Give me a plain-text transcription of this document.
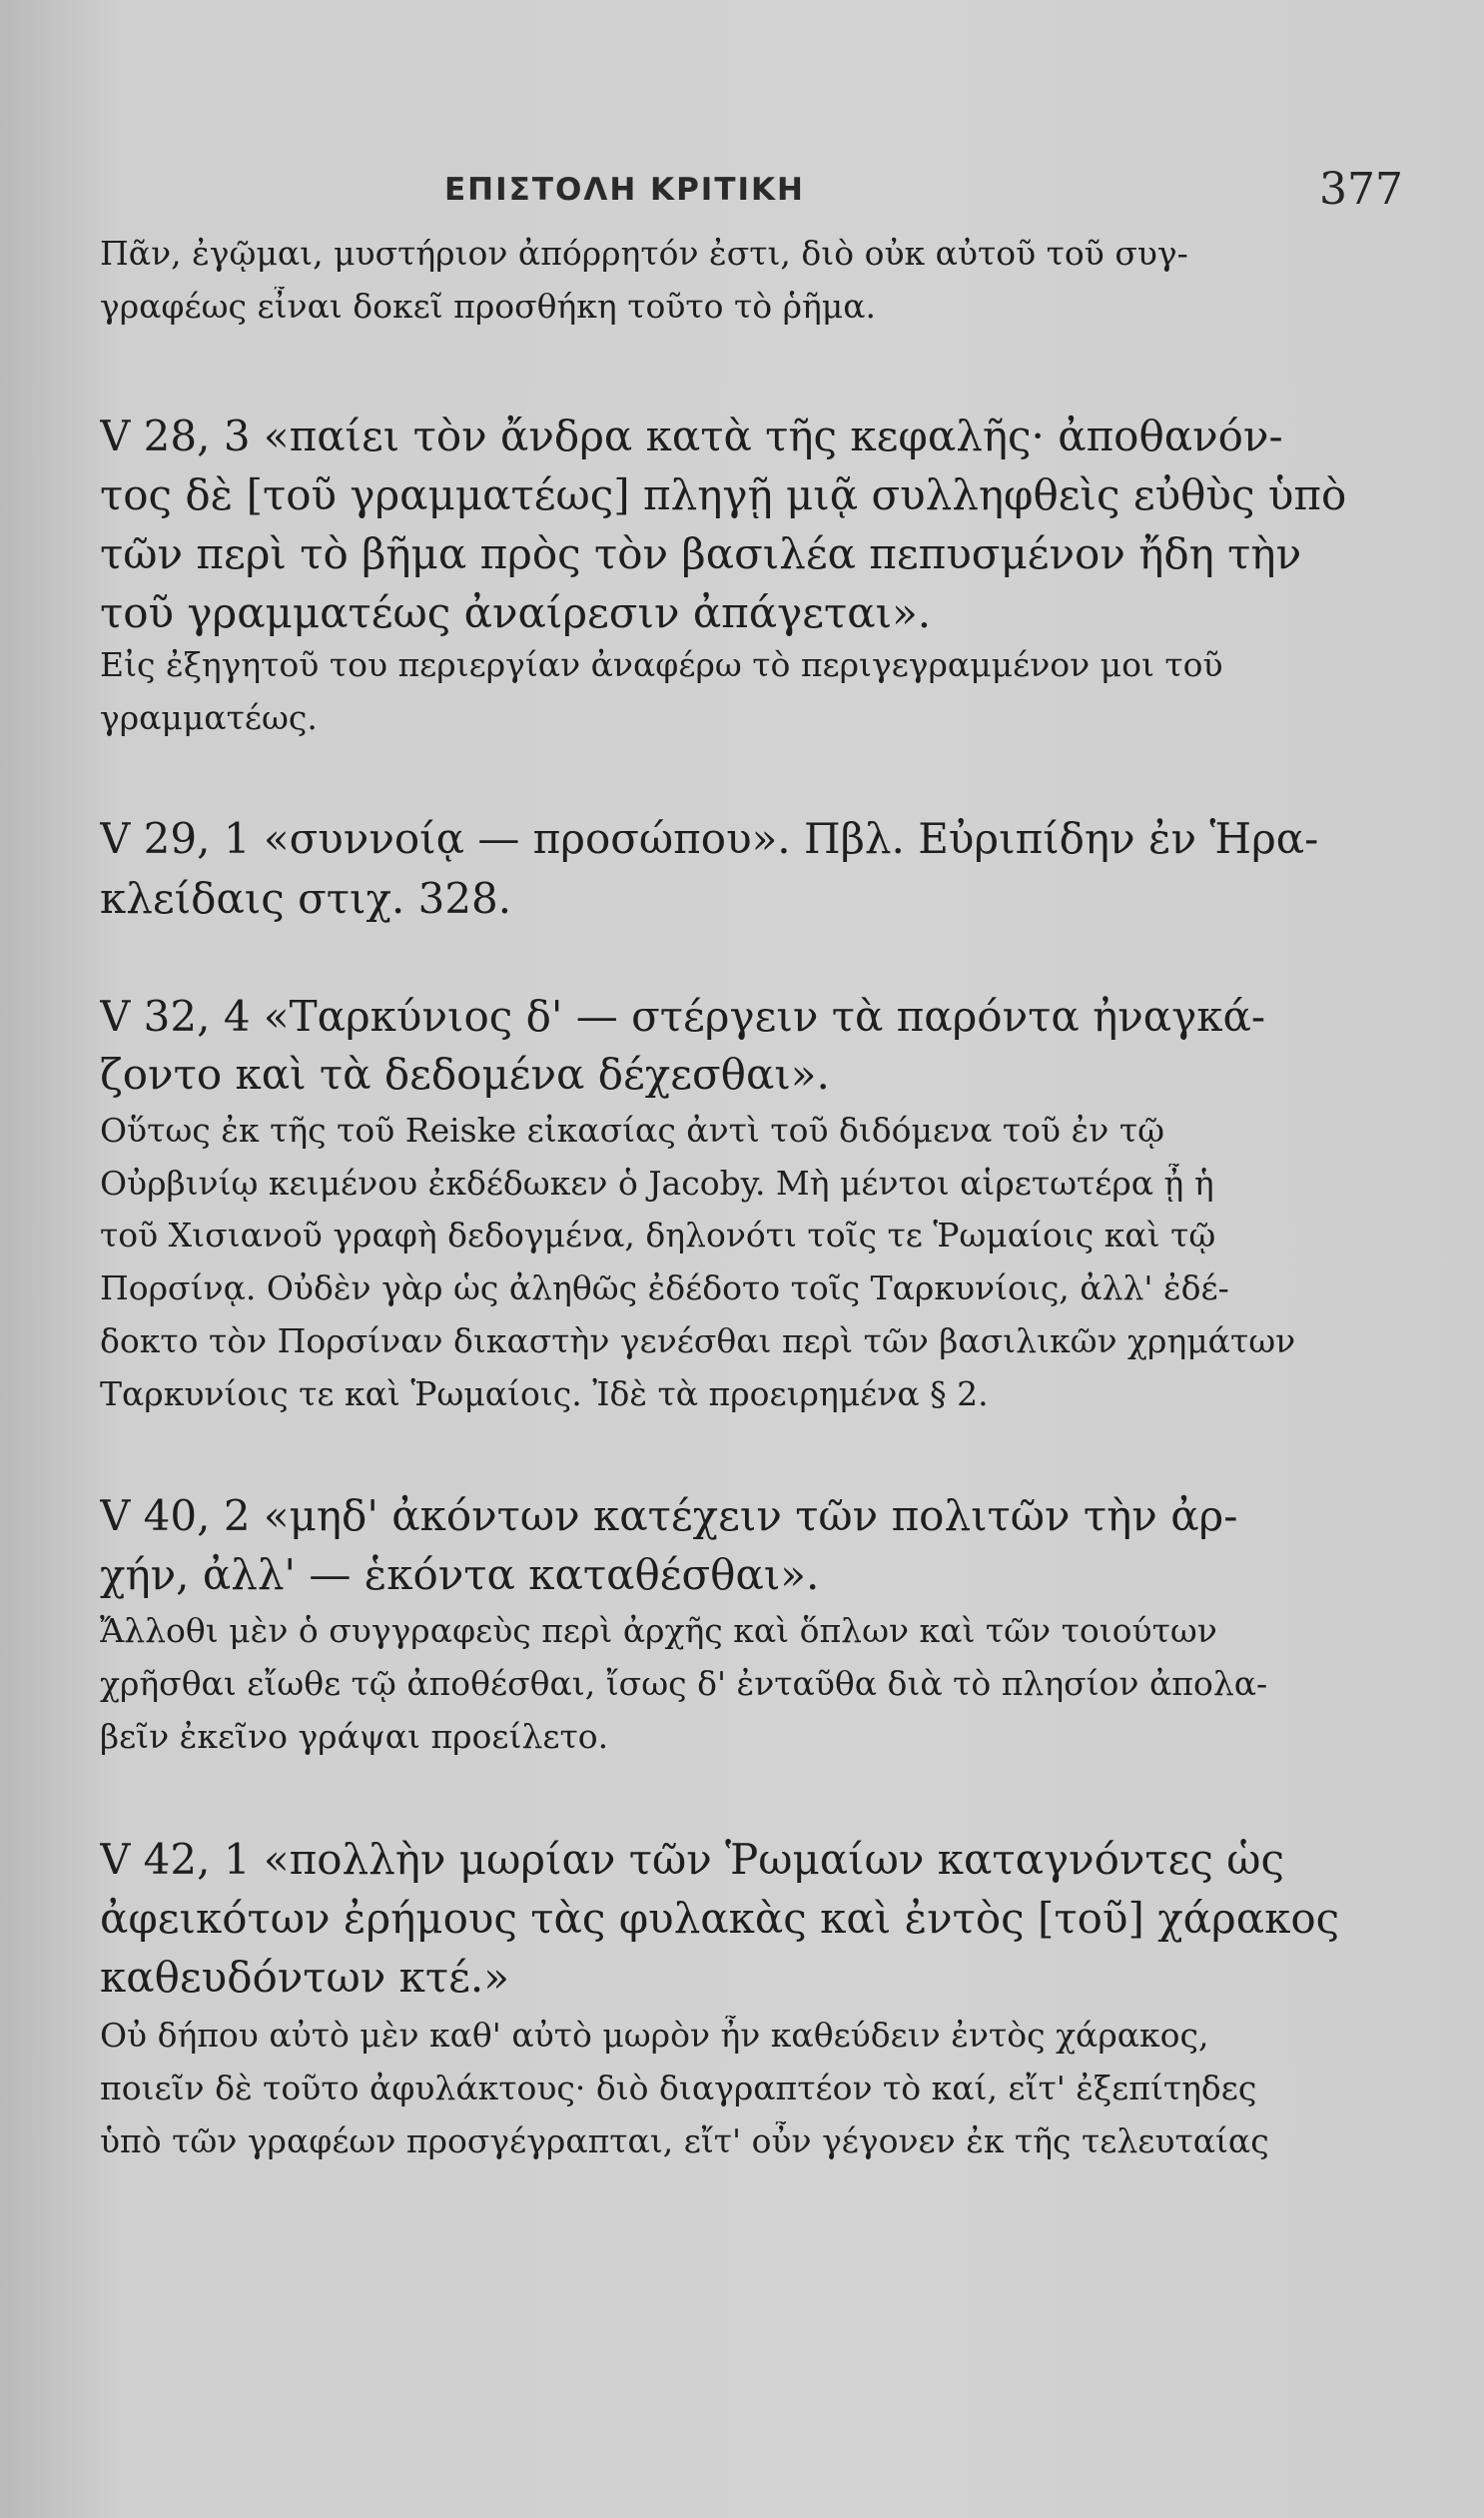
ΕΠΙΣΤΟΛΗ ΚΡΙΤΙΚΗ	377
Πᾶν, ἐγῷμαι, μυστήριον ἀπόρρητόν ἐστι, διὸ οὐκ αὐτοῦ τοῦ συγ-
γραφέως εἶναι δοκεῖ προσθήκη τοῦτο τὸ ῥῆμα.
V 28, 3 «παίει τὸν ἄνδρα κατὰ τῆς κεφαλῆς· ἀποθανόν-
τος δὲ [τοῦ γραμματέως] πληγῇ μιᾷ συλληφθεὶς εὐθὺς ὑπὸ
τῶν περὶ τὸ βῆμα πρὸς τὸν βασιλέα πεπυσμένον ἤδη τὴν
τοῦ γραμματέως ἀναίρεσιν ἀπάγεται».
Εἰς ἐξηγητοῦ του περιεργίαν ἀναφέρω τὸ περιγεγραμμένον μοι τοῦ
γραμματέως.
V 29, 1 «συννοίᾳ — προσώπου». Πβλ. Εὐριπίδην ἐν Ἡρα-
κλείδαις στιχ. 328.
V 32, 4 «Ταρκύνιος δ' — στέργειν τὰ παρόντα ἠναγκά-
ζοντο καὶ τὰ δεδομένα δέχεσθαι».
Οὕτως ἐκ τῆς τοῦ Reiske εἰκασίας ἀντὶ τοῦ διδόμενα τοῦ ἐν τῷ
Οὐρβινίῳ κειμένου ἐκδέδωκεν ὁ Jacoby. Μὴ μέντοι αἱρετωτέρα ᾖ ἡ
τοῦ Χισιανοῦ γραφὴ δεδογμένα, δηλονότι τοῖς τε Ῥωμαίοις καὶ τῷ
Πορσίνᾳ. Οὐδὲν γὰρ ὡς ἀληθῶς ἐδέδοτο τοῖς Ταρκυνίοις, ἀλλ' ἐδέ-
δοκτο τὸν Πορσίναν δικαστὴν γενέσθαι περὶ τῶν βασιλικῶν χρημάτων
Ταρκυνίοις τε καὶ Ῥωμαίοις. Ἰδὲ τὰ προειρημένα § 2.
V 40, 2 «μηδ' ἀκόντων κατέχειν τῶν πολιτῶν τὴν ἀρ-
χήν, ἀλλ' — ἑκόντα καταθέσθαι».
Ἄλλοθι μὲν ὁ συγγραφεὺς περὶ ἀρχῆς καὶ ὅπλων καὶ τῶν τοιούτων
χρῆσθαι εἴωθε τῷ ἀποθέσθαι, ἴσως δ' ἐνταῦθα διὰ τὸ πλησίον ἀπολα-
βεῖν ἐκεῖνο γράψαι προείλετο.
V 42, 1 «πολλὴν μωρίαν τῶν Ῥωμαίων καταγνόντες ὡς
ἀφεικότων ἐρήμους τὰς φυλακὰς καὶ ἐντὸς [τοῦ] χάρακος
καθευδόντων κτέ.»
Οὐ δήπου αὐτὸ μὲν καθ' αὐτὸ μωρὸν ἦν καθεύδειν ἐντὸς χάρακος,
ποιεῖν δὲ τοῦτο ἀφυλάκτους· διὸ διαγραπτέον τὸ καί, εἴτ' ἐξεπίτηδες
ὑπὸ τῶν γραφέων προσγέγραπται, εἴτ' οὖν γέγονεν ἐκ τῆς τελευταίας
